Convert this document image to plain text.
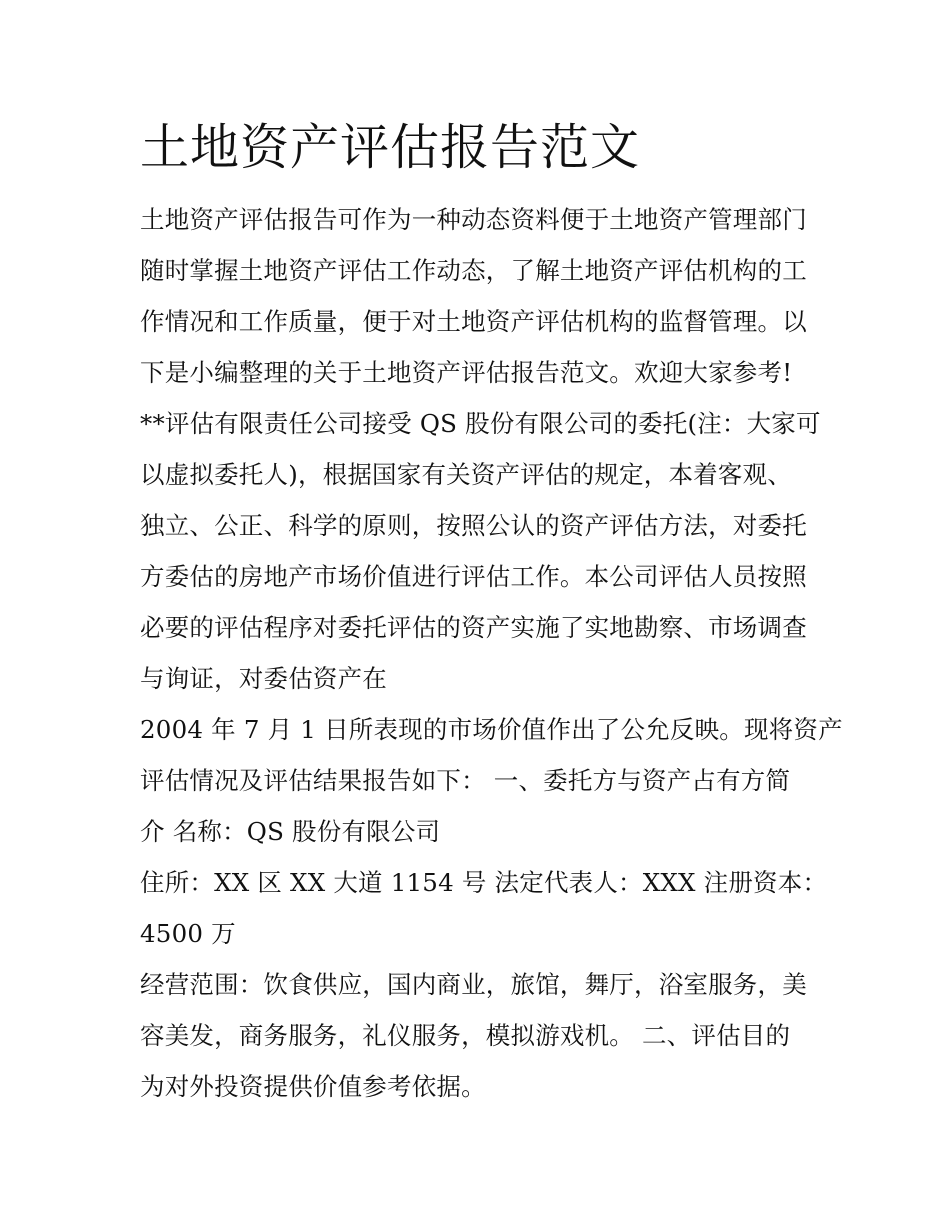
土地资产评估报告范文
土地资产评估报告可作为一种动态资料便于土地资产管理部门
随时掌握土地资产评估工作动态，了解土地资产评估机构的工
作情况和工作质量，便于对土地资产评估机构的监督管理。以
下是小编整理的关于土地资产评估报告范文。欢迎大家参考!
**评估有限责任公司接受 QS 股份有限公司的委托(注：大家可
以虚拟委托人)，根据国家有关资产评估的规定，本着客观、
独立、公正、科学的原则，按照公认的资产评估方法，对委托
方委估的房地产市场价值进行评估工作。本公司评估人员按照
必要的评估程序对委托评估的资产实施了实地勘察、市场调查
与询证，对委估资产在
2004 年 7 月 1 日所表现的市场价值作出了公允反映。现将资产
评估情况及评估结果报告如下： 一、委托方与资产占有方简
介 名称：QS 股份有限公司
住所：XX 区 XX 大道 1154 号 法定代表人：XXX 注册资本：
4500 万
经营范围：饮食供应，国内商业，旅馆，舞厅，浴室服务，美
容美发，商务服务，礼仪服务，模拟游戏机。 二、评估目的
为对外投资提供价值参考依据。
